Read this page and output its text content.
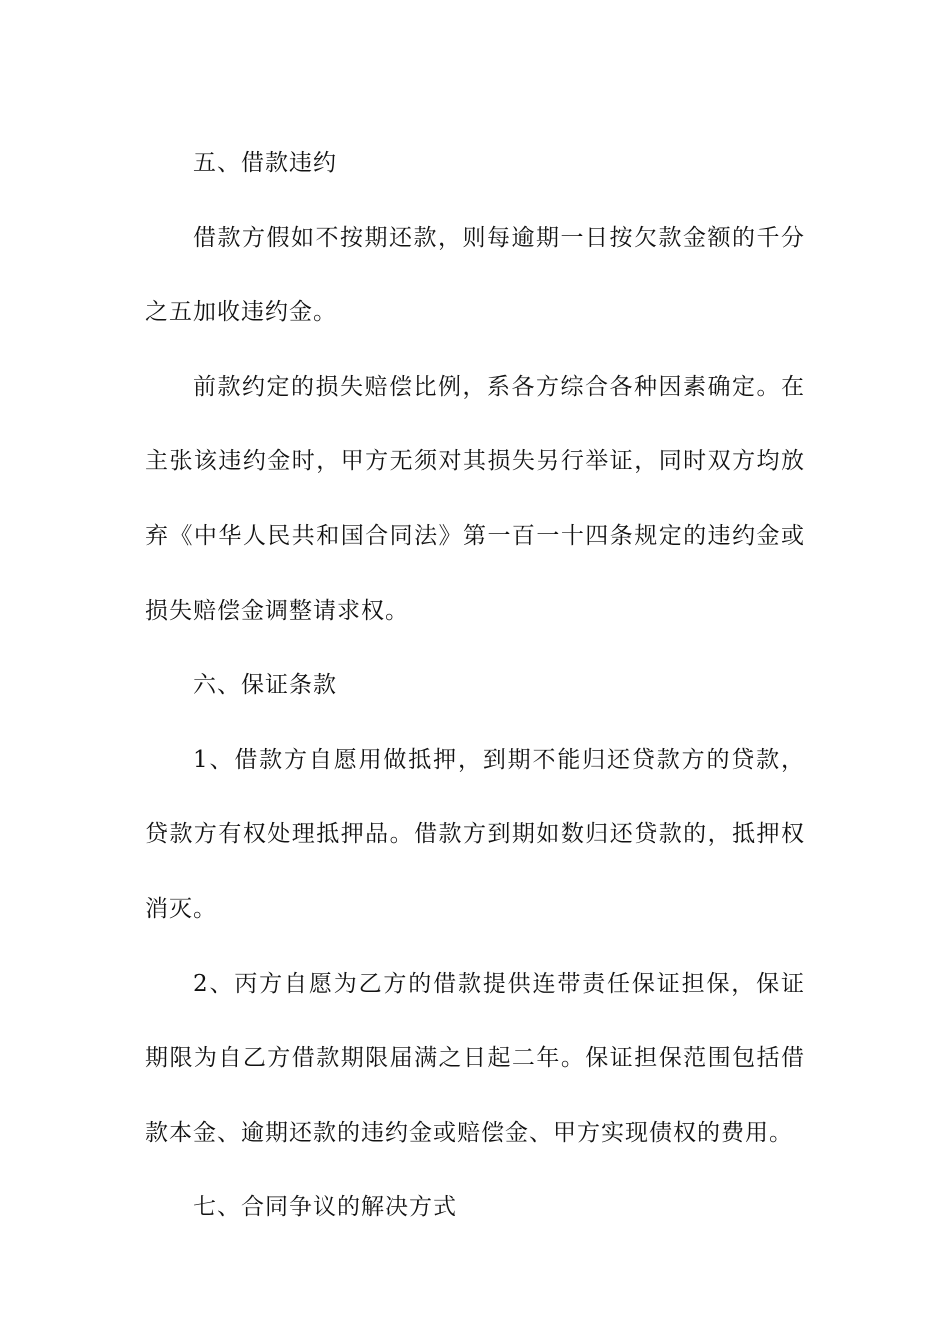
五、借款违约

借款方假如不按期还款，则每逾期一日按欠款金额的千分之五加收违约金。

前款约定的损失赔偿比例，系各方综合各种因素确定。在主张该违约金时，甲方无须对其损失另行举证，同时双方均放弃《中华人民共和国合同法》第一百一十四条规定的违约金或损失赔偿金调整请求权。

六、保证条款

1、借款方自愿用做抵押，到期不能归还贷款方的贷款，贷款方有权处理抵押品。借款方到期如数归还贷款的，抵押权消灭。

2、丙方自愿为乙方的借款提供连带责任保证担保，保证期限为自乙方借款期限届满之日起二年。保证担保范围包括借款本金、逾期还款的违约金或赔偿金、甲方实现债权的费用。

七、合同争议的解决方式
